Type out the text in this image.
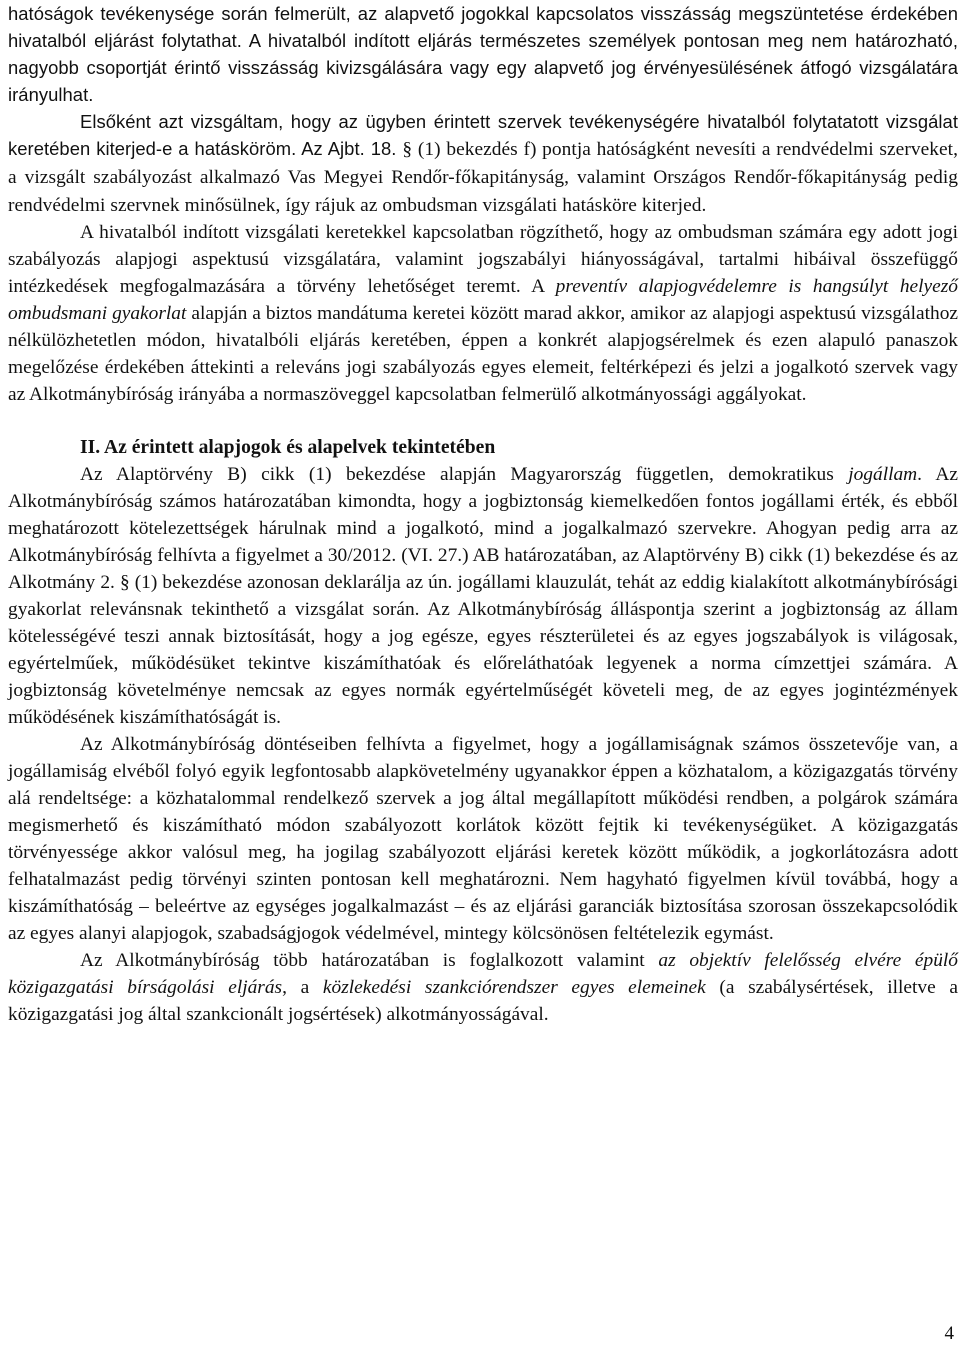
hatóságok tevékenysége során felmerült, az alapvető jogokkal kapcsolatos visszásság megszüntetése érdekében hivatalból eljárást folytathat. A hivatalból indított eljárás természetes személyek pontosan meg nem határozható, nagyobb csoportját érintő visszásság kivizsgálására vagy egy alapvető jog érvényesülésének átfogó vizsgálatára irányulhat.

Elsőként azt vizsgáltam, hogy az ügyben érintett szervek tevékenységére hivatalból folytatatott vizsgálat keretében kiterjed-e a hatásköröm. Az Ajbt. 18. § (1) bekezdés f) pontja hatóságként nevesíti a rendvédelmi szerveket, a vizsgált szabályozást alkalmazó Vas Megyei Rendőr-főkapitányság, valamint Országos Rendőr-főkapitányság pedig rendvédelmi szervnek minősülnek, így rájuk az ombudsman vizsgálati hatásköre kiterjed.

A hivatalból indított vizsgálati keretekkel kapcsolatban rögzíthető, hogy az ombudsman számára egy adott jogi szabályozás alapjogi aspektusú vizsgálatára, valamint jogszabályi hiányosságával, tartalmi hibáival összefüggő intézkedések megfogalmazására a törvény lehetőséget teremt. A preventív alapjogvédelemre is hangsúlyt helyező ombudsmani gyakorlat alapján a biztos mandátuma keretei között marad akkor, amikor az alapjogi aspektusú vizsgálathoz nélkülözhetetlen módon, hivatalbóli eljárás keretében, éppen a konkrét alapjogsérelmek és ezen alapuló panaszok megelőzése érdekében áttekinti a releváns jogi szabályozás egyes elemeit, feltérképezi és jelzi a jogalkotó szervek vagy az Alkotmánybíróság irányába a normaszöveggel kapcsolatban felmerülő alkotmányossági aggályokat.

II. Az érintett alapjogok és alapelvek tekintetében

Az Alaptörvény B) cikk (1) bekezdése alapján Magyarország független, demokratikus jogállam. Az Alkotmánybíróság számos határozatában kimondta, hogy a jogbiztonság kiemelkedően fontos jogállami érték, és ebből meghatározott kötelezettségek hárulnak mind a jogalkotó, mind a jogalkalmazó szervekre. Ahogyan pedig arra az Alkotmánybíróság felhívta a figyelmet a 30/2012. (VI. 27.) AB határozatában, az Alaptörvény B) cikk (1) bekezdése és az Alkotmány 2. § (1) bekezdése azonosan deklarálja az ún. jogállami klauzulát, tehát az eddig kialakított alkotmánybírósági gyakorlat relevánsnak tekinthető a vizsgálat során. Az Alkotmánybíróság álláspontja szerint a jogbiztonság az állam kötelességévé teszi annak biztosítását, hogy a jog egésze, egyes részterületei és az egyes jogszabályok is világosak, egyértelműek, működésüket tekintve kiszámíthatóak és előreláthatóak legyenek a norma címzettjei számára. A jogbiztonság követelménye nemcsak az egyes normák egyértelműségét követeli meg, de az egyes jogintézmények működésének kiszámíthatóságát is.

Az Alkotmánybíróság döntéseiben felhívta a figyelmet, hogy a jogállamiságnak számos összetevője van, a jogállamiság elvéből folyó egyik legfontosabb alapkövetelmény ugyanakkor éppen a közhatalom, a közigazgatás törvény alá rendeltsége: a közhatalommal rendelkező szervek a jog által megállapított működési rendben, a polgárok számára megismerhető és kiszámítható módon szabályozott korlátok között fejtik ki tevékenységüket. A közigazgatás törvényessége akkor valósul meg, ha jogilag szabályozott eljárási keretek között működik, a jogkorlátozásra adott felhatalmazást pedig törvényi szinten pontosan kell meghatározni. Nem hagyható figyelmen kívül továbbá, hogy a kiszámíthatóság – beleértve az egységes jogalkalmazást – és az eljárási garanciák biztosítása szorosan összekapcsolódik az egyes alanyi alapjogok, szabadságjogok védelmével, mintegy kölcsönösen feltételezik egymást.

Az Alkotmánybíróság több határozatában is foglalkozott valamint az objektív felelősség elvére épülő közigazgatási bírságolási eljárás, a közlekedési szankciórendszer egyes elemeinek (a szabálysértések, illetve a közigazgatási jog által szankcionált jogsértések) alkotmányosságával.

4
